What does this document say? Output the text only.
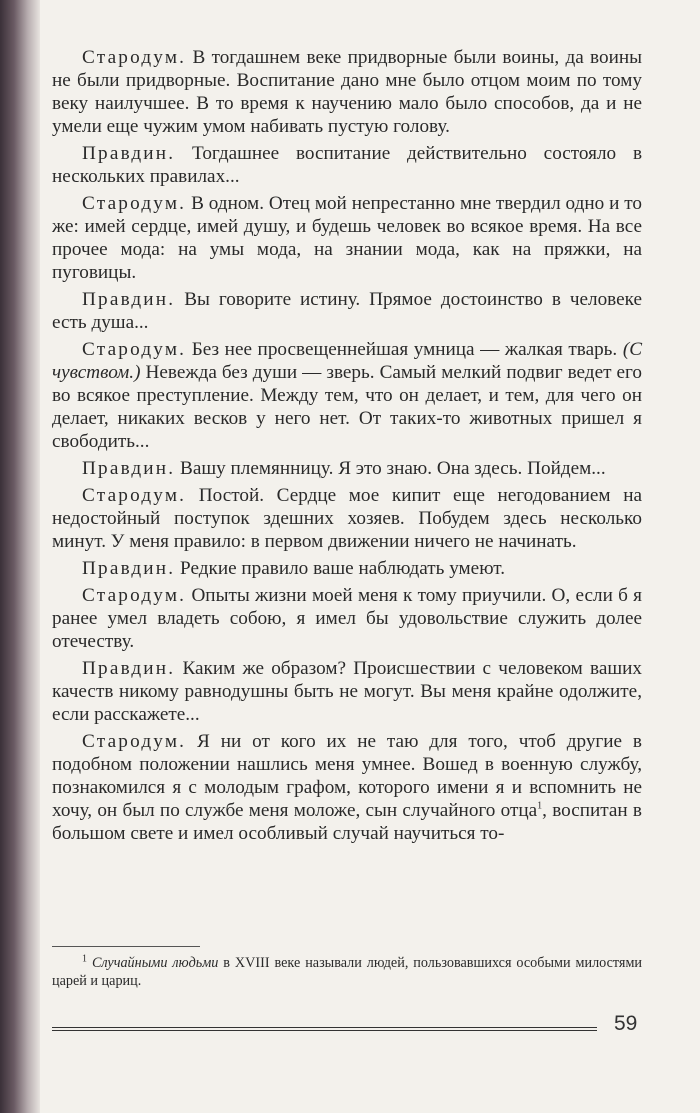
Стародум. В тогдашнем веке придворные были воины, да воины не были придворные. Воспитание дано мне было отцом моим по тому веку наилучшее. В то время к научению мало было способов, да и не умели еще чужим умом набивать пустую голову.

Правдин. Тогдашнее воспитание действительно состояло в нескольких правилах...

Стародум. В одном. Отец мой непрестанно мне твердил одно и то же: имей сердце, имей душу, и будешь человек во всякое время. На все прочее мода: на умы мода, на знании мода, как на пряжки, на пуговицы.

Правдин. Вы говорите истину. Прямое достоинство в человеке есть душа...

Стародум. Без нее просвещеннейшая умница — жалкая тварь. (С чувством.) Невежда без души — зверь. Самый мелкий подвиг ведет его во всякое преступление. Между тем, что он делает, и тем, для чего он делает, никаких весков у него нет. От таких-то животных пришел я свободить...

Правдин. Вашу племянницу. Я это знаю. Она здесь. Пойдем...

Стародум. Постой. Сердце мое кипит еще негодованием на недостойный поступок здешних хозяев. Побудем здесь несколько минут. У меня правило: в первом движении ничего не начинать.

Правдин. Редкие правило ваше наблюдать умеют.

Стародум. Опыты жизни моей меня к тому приучили. О, если б я ранее умел владеть собою, я имел бы удовольствие служить долее отечеству.

Правдин. Каким же образом? Происшествии с человеком ваших качеств никому равнодушны быть не могут. Вы меня крайне одолжите, если расскажете...

Стародум. Я ни от кого их не таю для того, чтоб другие в подобном положении нашлись меня умнее. Вошед в военную службу, познакомился я с молодым графом, которого имени я и вспомнить не хочу, он был по службе меня моложе, сын случайного отца$^1$, воспитан в большом свете и имел особливый случай научиться то-

$^1$ Случайными людьми в XVIII веке называли людей, пользовавшихся особыми милостями царей и цариц.

59
